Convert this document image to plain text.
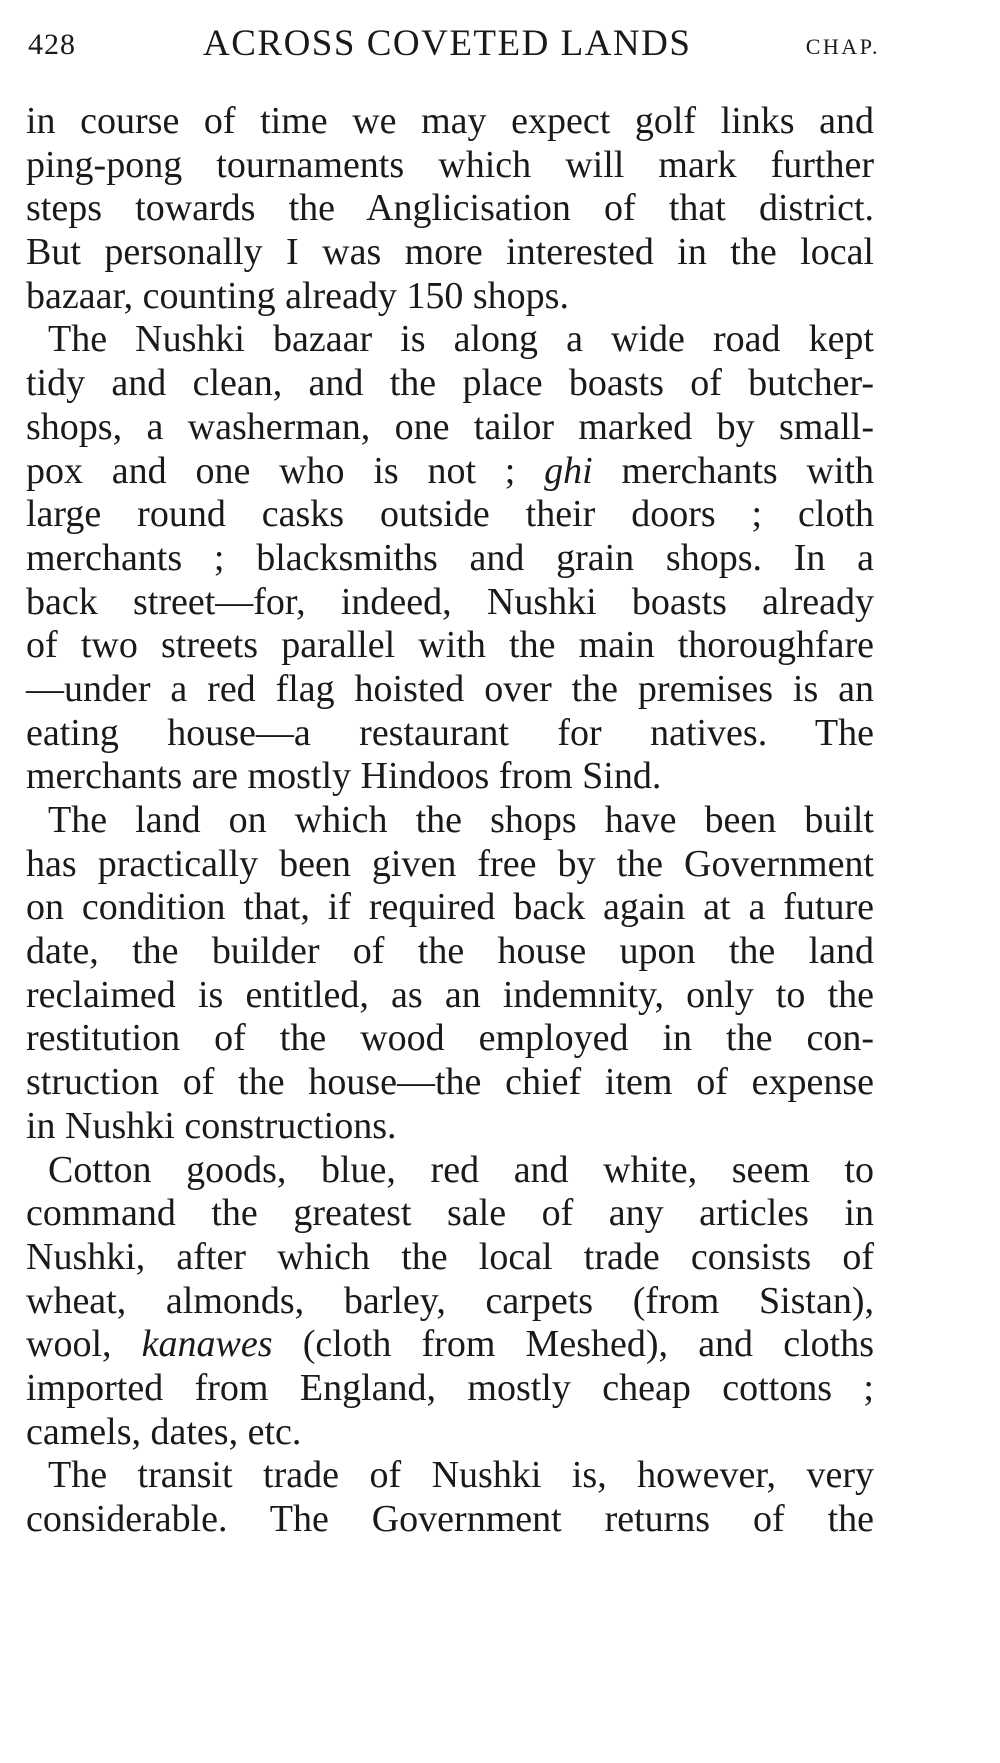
428	ACROSS COVETED LANDS	CHAP.
in course of time we may expect golf links and
ping-pong tournaments which will mark further
steps towards the Anglicisation of that district.
But personally I was more interested in the local
bazaar, counting already 150 shops.
The Nushki bazaar is along a wide road kept
tidy and clean, and the place boasts of butcher-
shops, a washerman, one tailor marked by small-
pox and one who is not ; ghi merchants with
large round casks outside their doors ; cloth
merchants ; blacksmiths and grain shops. In a
back street—for, indeed, Nushki boasts already
of two streets parallel with the main thoroughfare
—under a red flag hoisted over the premises is an
eating house—a restaurant for natives. The
merchants are mostly Hindoos from Sind.
The land on which the shops have been built
has practically been given free by the Government
on condition that, if required back again at a future
date, the builder of the house upon the land
reclaimed is entitled, as an indemnity, only to the
restitution of the wood employed in the con-
struction of the house—the chief item of expense
in Nushki constructions.
Cotton goods, blue, red and white, seem to
command the greatest sale of any articles in
Nushki, after which the local trade consists of
wheat, almonds, barley, carpets (from Sistan),
wool, kanawes (cloth from Meshed), and cloths
imported from England, mostly cheap cottons ;
camels, dates, etc.
The transit trade of Nushki is, however, very
considerable. The Government returns of the
